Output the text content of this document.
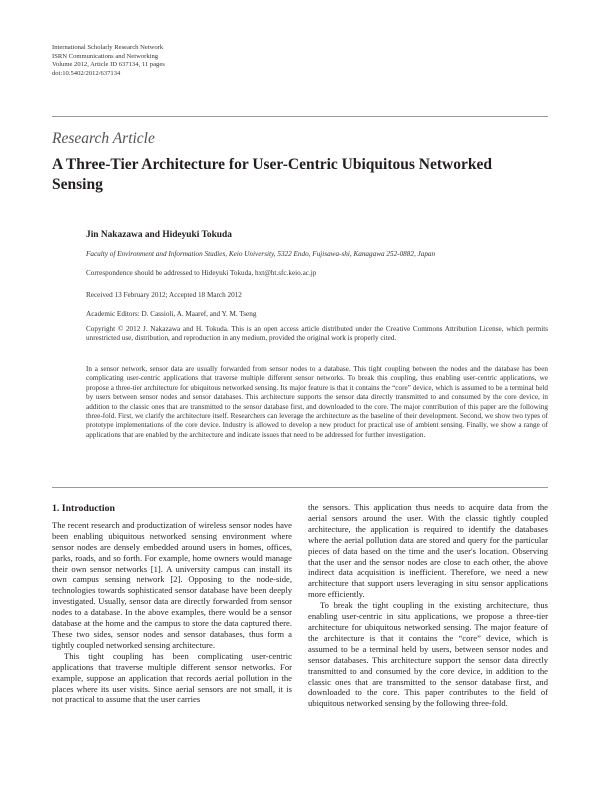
International Scholarly Research Network
ISRN Communications and Networking
Volume 2012, Article ID 637134, 11 pages
doi:10.5402/2012/637134
Research Article
A Three-Tier Architecture for User-Centric Ubiquitous Networked Sensing
Jin Nakazawa and Hideyuki Tokuda
Faculty of Environment and Information Studies, Keio University, 5322 Endo, Fujisawa-shi, Kanagawa 252-0882, Japan
Correspondence should be addressed to Hideyuki Tokuda, hxt@ht.sfc.keio.ac.jp
Received 13 February 2012; Accepted 18 March 2012
Academic Editors: D. Cassioli, A. Maaref, and Y. M. Tseng
Copyright © 2012 J. Nakazawa and H. Tokuda. This is an open access article distributed under the Creative Commons Attribution License, which permits unrestricted use, distribution, and reproduction in any medium, provided the original work is properly cited.
In a sensor network, sensor data are usually forwarded from sensor nodes to a database. This tight coupling between the nodes and the database has been complicating user-centric applications that traverse multiple different sensor networks. To break this coupling, thus enabling user-centric applications, we propose a three-tier architecture for ubiquitous networked sensing. Its major feature is that it contains the “core” device, which is assumed to be a terminal held by users between sensor nodes and sensor databases. This architecture supports the sensor data directly transmitted to and consumed by the core device, in addition to the classic ones that are transmitted to the sensor database first, and downloaded to the core. The major contribution of this paper are the following three-fold. First, we clarify the architecture itself. Researchers can leverage the architecture as the baseline of their development. Second, we show two types of prototype implementations of the core device. Industry is allowed to develop a new product for practical use of ambient sensing. Finally, we show a range of applications that are enabled by the architecture and indicate issues that need to be addressed for further investigation.
1. Introduction

The recent research and productization of wireless sensor nodes have been enabling ubiquitous networked sensing environment where sensor nodes are densely embedded around users in homes, offices, parks, roads, and so forth. For example, home owners would manage their own sensor networks [1]. A university campus can install its own campus sensing network [2]. Opposing to the node-side, technologies towards sophisticated sensor database have been deeply investigated. Usually, sensor data are directly forwarded from sensor nodes to a database. In the above examples, there would be a sensor database at the home and the campus to store the data captured there. These two sides, sensor nodes and sensor databases, thus form a tightly coupled networked sensing architecture.

This tight coupling has been complicating user-centric applications that traverse multiple different sensor networks. For example, suppose an application that records aerial pollution in the places where its user visits. Since aerial sensors are not small, it is not practical to assume that the user carries

the sensors. This application thus needs to acquire data from the aerial sensors around the user. With the classic tightly coupled architecture, the application is required to identify the databases where the aerial pollution data are stored and query for the particular pieces of data based on the time and the user's location. Observing that the user and the sensor nodes are close to each other, the above indirect data acquisition is inefficient. Therefore, we need a new architecture that support users leveraging in situ sensor applications more efficiently.

To break the tight coupling in the existing architecture, thus enabling user-centric in situ applications, we propose a three-tier architecture for ubiquitous networked sensing. The major feature of the architecture is that it contains the “core” device, which is assumed to be a terminal held by users, between sensor nodes and sensor databases. This architecture support the sensor data directly transmitted to and consumed by the core device, in addition to the classic ones that are transmitted to the sensor database first, and downloaded to the core. This paper contributes to the field of ubiquitous networked sensing by the following three-fold.
